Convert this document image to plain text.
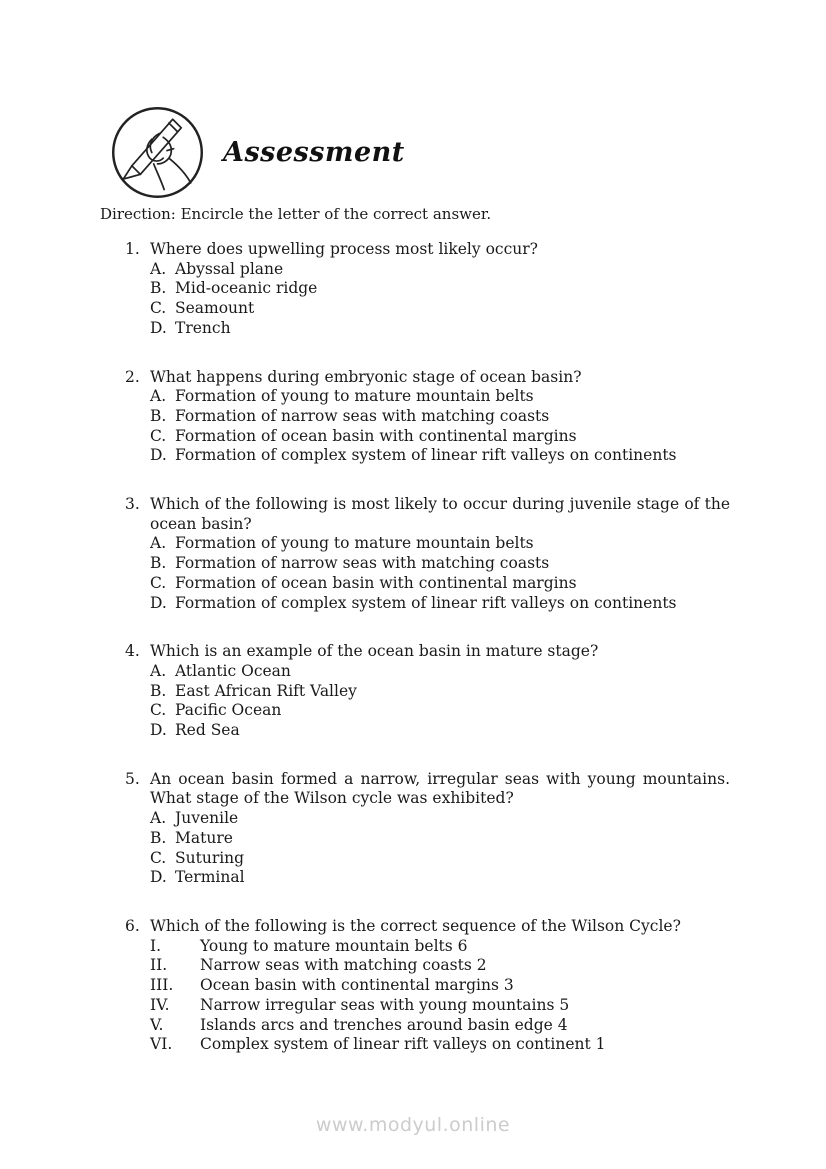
Assessment

Direction: Encircle the letter of the correct answer.

1. Where does upwelling process most likely occur?

A. Abyssal plane
B. Mid-oceanic ridge
C. Seamount
D. Trench
2. What happens during embryonic stage of ocean basin?

A. Formation of young to mature mountain belts
B. Formation of narrow seas with matching coasts
C. Formation of ocean basin with continental margins
D. Formation of complex system of linear rift valleys on continents
3. Which of the following is most likely to occur during juvenile stage of the ocean basin?

A. Formation of young to mature mountain belts
B. Formation of narrow seas with matching coasts
C. Formation of ocean basin with continental margins
D. Formation of complex system of linear rift valleys on continents
4. Which is an example of the ocean basin in mature stage?

A. Atlantic Ocean
B. East African Rift Valley
C. Pacific Ocean
D. Red Sea
5. An ocean basin formed a narrow, irregular seas with young mountains. What stage of the Wilson cycle was exhibited?

A. Juvenile
B. Mature
C. Suturing
D. Terminal
6. Which of the following is the correct sequence of the Wilson Cycle?

I.	Young to mature mountain belts 6
II.	Narrow seas with matching coasts 2
III.	Ocean basin with continental margins 3
IV.	Narrow irregular seas with young mountains 5
V.	Islands arcs and trenches around basin edge 4
VI.	Complex system of linear rift valleys on continent 1
www.modyul.online
